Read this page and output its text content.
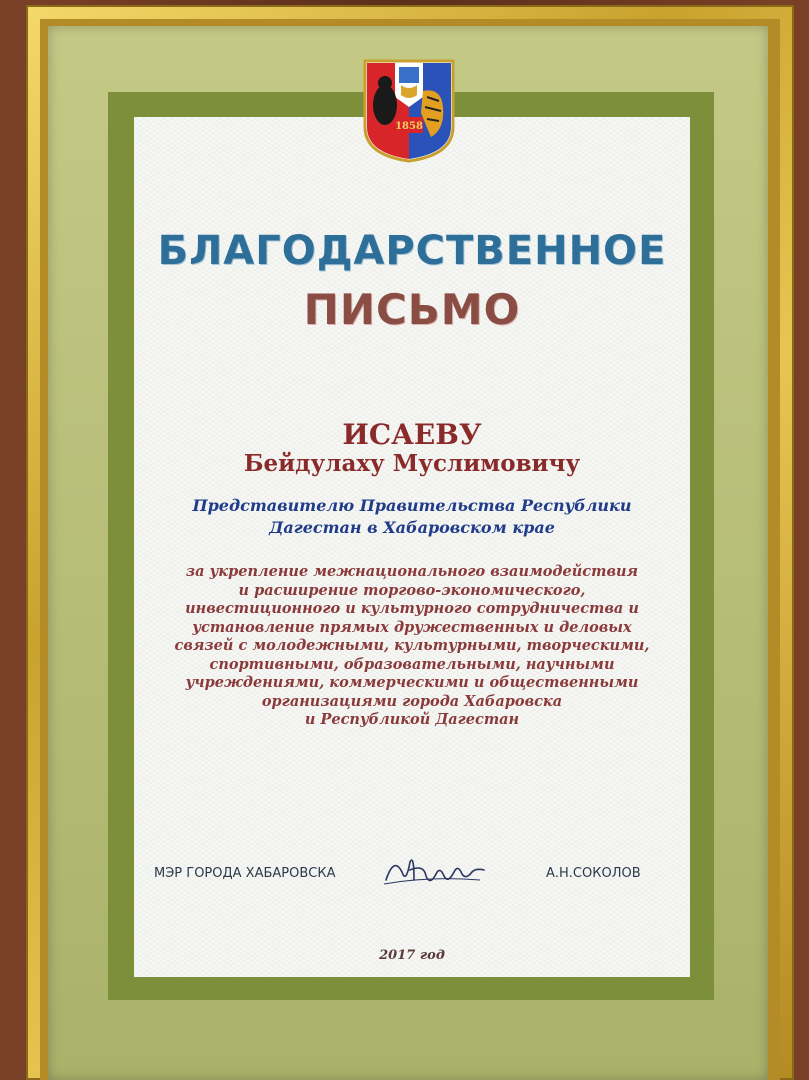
1858
БЛАГОДАРСТВЕННОЕ
ПИСЬМО
ИСАЕВУ
Бейдулаху Муслимовичу
Представителю Правительства Республики
Дагестан в Хабаровском крае
за укрепление межнационального взаимодействия
и расширение торгово-экономического,
инвестиционного и культурного сотрудничества и
установление прямых дружественных и деловых
связей с молодежными, культурными, творческими,
спортивными, образовательными, научными
учреждениями, коммерческими и общественными
организациями города Хабаровска
и Республикой Дагестан
МЭР ГОРОДА ХАБАРОВСКА	А.Н.СОКОЛОВ
2017 год
